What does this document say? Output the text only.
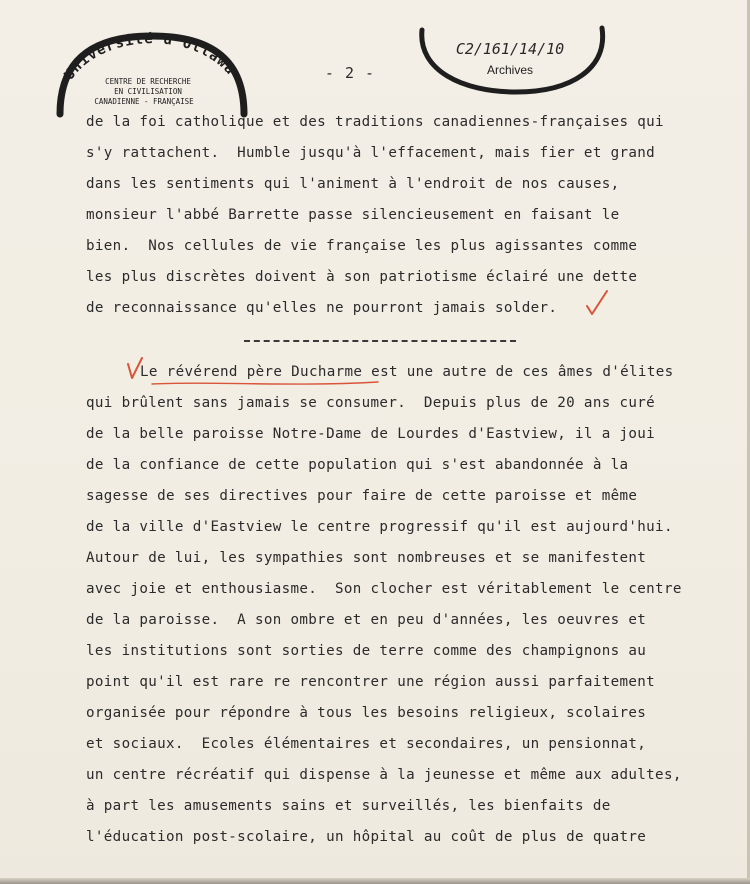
Université d'Ottawa
CENTRE DE RECHERCHE
EN CIVILISATION
CANADIENNE - FRANÇAISE
C2/161/14/10
Archives
- 2 -
de la foi catholique et des traditions canadiennes-françaises qui
s'y rattachent.  Humble jusqu'à l'effacement, mais fier et grand
dans les sentiments qui l'animent à l'endroit de nos causes,
monsieur l'abbé Barrette passe silencieusement en faisant le
bien.  Nos cellules de vie française les plus agissantes comme
les plus discrètes doivent à son patriotisme éclairé une dette
de reconnaissance qu'elles ne pourront jamais solder.
Le révérend père Ducharme est une autre de ces âmes d'élites
qui brûlent sans jamais se consumer.  Depuis plus de 20 ans curé
de la belle paroisse Notre-Dame de Lourdes d'Eastview, il a joui
de la confiance de cette population qui s'est abandonnée à la
sagesse de ses directives pour faire de cette paroisse et même
de la ville d'Eastview le centre progressif qu'il est aujourd'hui.
Autour de lui, les sympathies sont nombreuses et se manifestent
avec joie et enthousiasme.  Son clocher est véritablement le centre
de la paroisse.  A son ombre et en peu d'années, les oeuvres et
les institutions sont sorties de terre comme des champignons au
point qu'il est rare re rencontrer une région aussi parfaitement
organisée pour répondre à tous les besoins religieux, scolaires
et sociaux.  Ecoles élémentaires et secondaires, un pensionnat,
un centre récréatif qui dispense à la jeunesse et même aux adultes,
à part les amusements sains et surveillés, les bienfaits de
l'éducation post-scolaire, un hôpital au coût de plus de quatre
